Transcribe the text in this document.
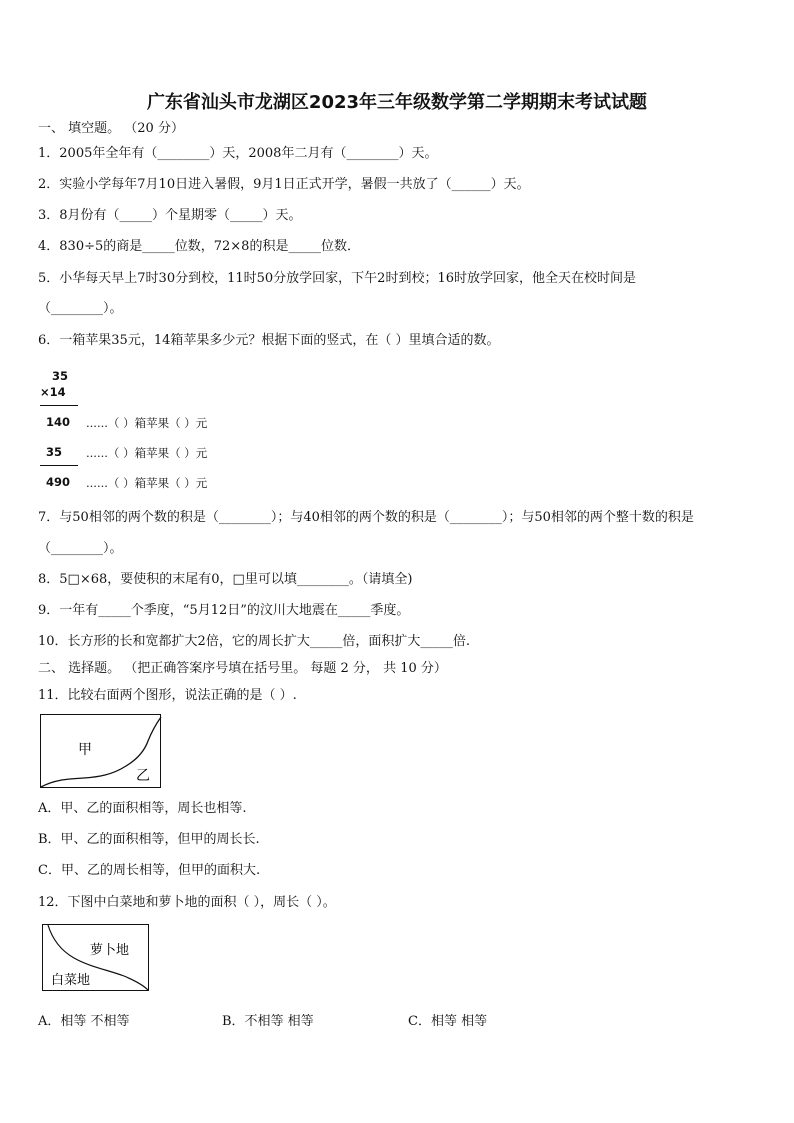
广东省汕头市龙湖区2023年三年级数学第二学期期末考试试题
一、 填空题。 （20 分）
1．2005年全年有（________）天，2008年二月有（________）天。
2．实验小学每年7月10日进入暑假，9月1日正式开学，暑假一共放了（______）天。
3．8月份有（_____）个星期零（_____）天。
4．830÷5的商是_____位数，72×8的积是_____位数．
5．小华每天早上7时30分到校，11时50分放学回家，下午2时到校；16时放学回家，他全天在校时间是
（________）。
6．一箱苹果35元，14箱苹果多少元？根据下面的竖式，在（ ）里填合适的数。
35
×14
140 ......（ ）箱苹果（ ）元
35 ......（ ）箱苹果（ ）元
490 ......（ ）箱苹果（ ）元
7．与50相邻的两个数的积是（________）；与40相邻的两个数的积是（________）；与50相邻的两个整十数的积是
（________）。
8．5□×68，要使积的末尾有0，□里可以填________。（请填全)
9．一年有_____个季度，“5月12日”的汶川大地震在_____季度。
10．长方形的长和宽都扩大2倍，它的周长扩大_____倍，面积扩大_____倍.
二、 选择题。 （把正确答案序号填在括号里。 每题 2 分， 共 10 分）
11．比较右面两个图形，说法正确的是（ ）.
甲
乙
A．甲、乙的面积相等，周长也相等.
B．甲、乙的面积相等，但甲的周长长.
C．甲、乙的周长相等，但甲的面积大.
12．下图中白菜地和萝卜地的面积（ ），周长（ ）。
萝卜地
白菜地
A．相等 不相等	B．不相等 相等	C．相等 相等
